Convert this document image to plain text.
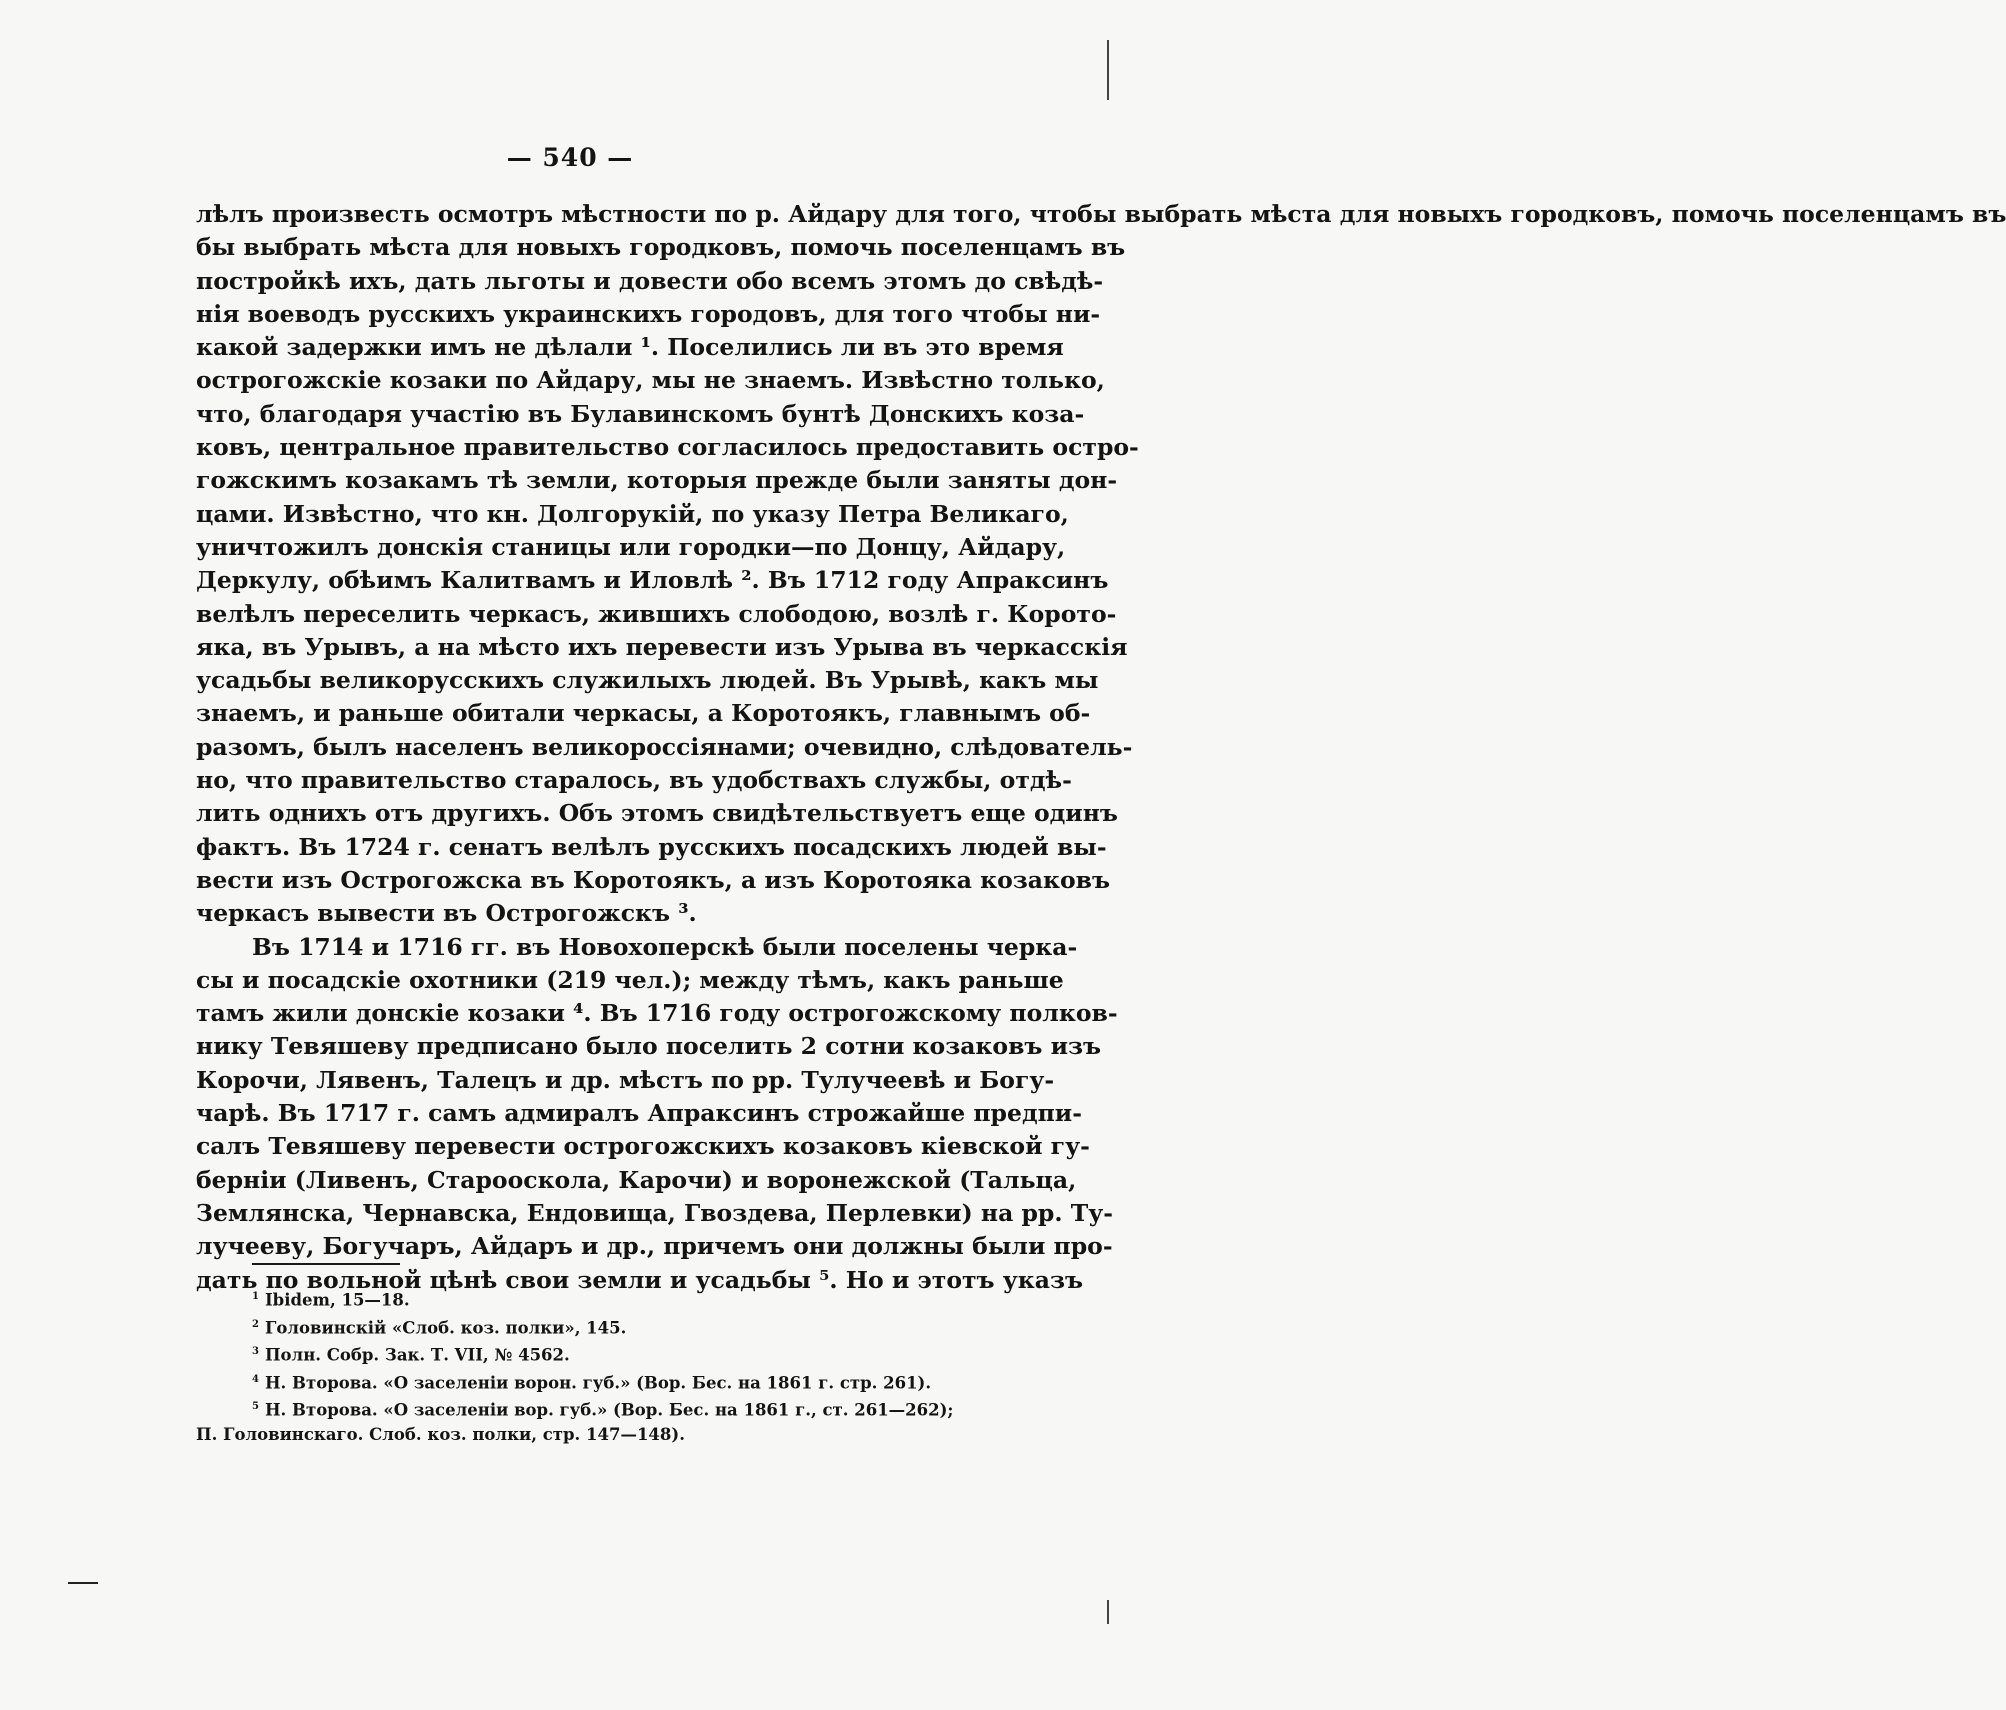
— 540 —
лѣлъ произвесть осмотръ мѣстности по р. Айдару для того, чтобы выбрать мѣста для новыхъ городковъ, помочь поселенцамъ въ
бы выбрать мѣста для новыхъ городковъ, помочь поселенцамъ въ
постройкѣ ихъ, дать льготы и довести обо всемъ этомъ до свѣдѣ-
нія воеводъ русскихъ украинскихъ городовъ, для того чтобы ни-
какой задержки имъ не дѣлали ¹. Поселились ли въ это время
острогожскіе козаки по Айдару, мы не знаемъ. Извѣстно только,
что, благодаря участію въ Булавинскомъ бунтѣ Донскихъ коза-
ковъ, центральное правительство согласилось предоставить остро-
гожскимъ козакамъ тѣ земли, которыя прежде были заняты дон-
цами. Извѣстно, что кн. Долгорукій, по указу Петра Великаго,
уничтожилъ донскія станицы или городки—по Донцу, Айдару,
Деркулу, обѣимъ Калитвамъ и Иловлѣ ². Въ 1712 году Апраксинъ
велѣлъ переселить черкасъ, жившихъ слободою, возлѣ г. Корото-
яка, въ Урывъ, а на мѣсто ихъ перевести изъ Урыва въ черкасскія
усадьбы великорусскихъ служилыхъ людей. Въ Урывѣ, какъ мы
знаемъ, и раньше обитали черкасы, а Коротоякъ, главнымъ об-
разомъ, былъ населенъ великороссіянами; очевидно, слѣдователь-
но, что правительство старалось, въ удобствахъ службы, отдѣ-
лить однихъ отъ другихъ. Объ этомъ свидѣтельствуетъ еще одинъ
фактъ. Въ 1724 г. сенатъ велѣлъ русскихъ посадскихъ людей вы-
вести изъ Острогожска въ Коротоякъ, а изъ Коротояка козаковъ
черкасъ вывести въ Острогожскъ ³.
Въ 1714 и 1716 гг. въ Новохоперскѣ были поселены черка-
сы и посадскіе охотники (219 чел.); между тѣмъ, какъ раньше
тамъ жили донскіе козаки ⁴. Въ 1716 году острогожскому полков-
нику Тевяшеву предписано было поселить 2 сотни козаковъ изъ
Корочи, Лявенъ, Талецъ и др. мѣстъ по рр. Тулучеевѣ и Богу-
чарѣ. Въ 1717 г. самъ адмиралъ Апраксинъ строжайше предпи-
салъ Тевяшеву перевести острогожскихъ козаковъ кіевской гу-
берніи (Ливенъ, Старооскола, Карочи) и воронежской (Тальца,
Землянска, Чернавска, Ендовища, Гвоздева, Перлевки) на рр. Ту-
лучееву, Богучаръ, Айдаръ и др., причемъ они должны были про-
дать по вольной цѣнѣ свои земли и усадьбы ⁵. Но и этотъ указъ
$^1$ Ibidem, 15—18.
$^2$ Головинскій «Слоб. коз. полки», 145.
$^3$ Полн. Собр. Зак. Т. VII, № 4562.
$^4$ Н. Второва. «О заселеніи ворон. губ.» (Вор. Бес. на 1861 г. стр. 261).
$^5$ Н. Второва. «О заселеніи вор. губ.» (Вор. Бес. на 1861 г., ст. 261—262);
П. Головинскаго. Слоб. коз. полки, стр. 147—148).
